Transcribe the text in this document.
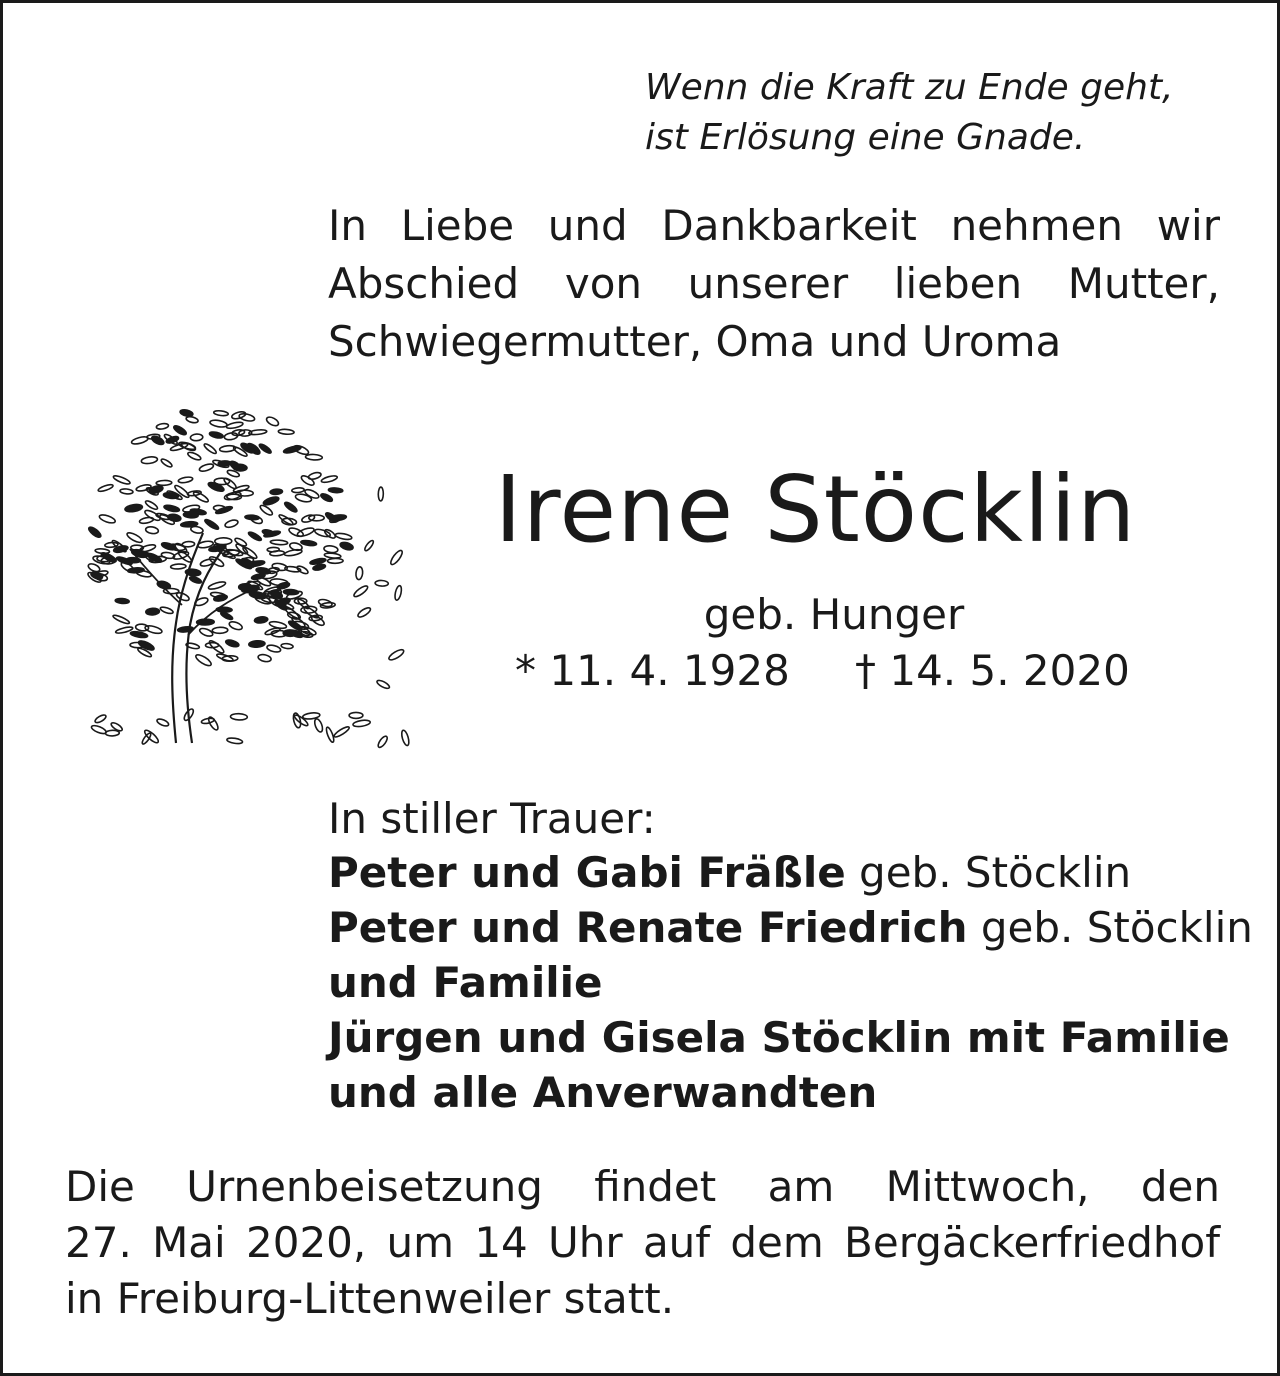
Wenn die Kraft zu Ende geht,

ist Erlösung eine Gnade.

In Liebe und Dankbarkeit nehmen wir

Abschied von unserer lieben Mutter,

Schwiegermutter, Oma und Uroma

Irene Stöcklin

geb. Hunger

* 11. 4. 1928 † 14. 5. 2020

In stiller Trauer:

Peter und Gabi Fräßle geb. Stöcklin

Peter und Renate Friedrich geb. Stöcklin

und Familie

Jürgen und Gisela Stöcklin mit Familie

und alle Anverwandten

Die Urnenbeisetzung findet am Mittwoch, den

27. Mai 2020, um 14 Uhr auf dem Bergäckerfriedhof

in Freiburg-Littenweiler statt.
